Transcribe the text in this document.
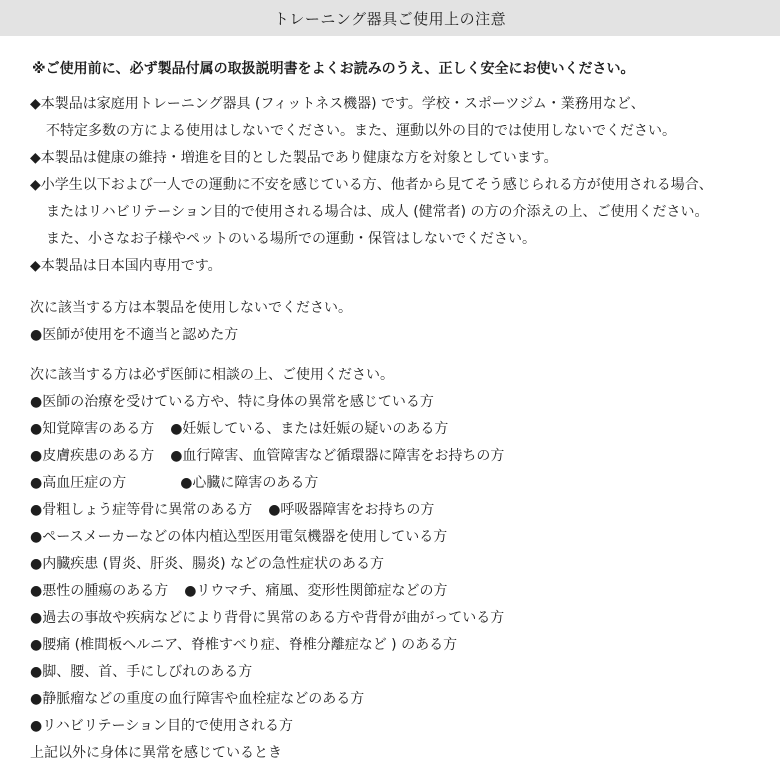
トレーニング器具ご使用上の注意
※ご使用前に、必ず製品付属の取扱説明書をよくお読みのうえ、正しく安全にお使いください。
◆本製品は家庭用トレーニング器具 (フィットネス機器) です。学校・スポーツジム・業務用など、
不特定多数の方による使用はしないでください。また、運動以外の目的では使用しないでください。
◆本製品は健康の維持・増進を目的とした製品であり健康な方を対象としています。
◆小学生以下および一人での運動に不安を感じている方、他者から見てそう感じられる方が使用される場合、
またはリハビリテーション目的で使用される場合は、成人 (健常者) の方の介添えの上、ご使用ください。
また、小さなお子様やペットのいる場所での運動・保管はしないでください。
◆本製品は日本国内専用です。
次に該当する方は本製品を使用しないでください。
●医師が使用を不適当と認めた方
次に該当する方は必ず医師に相談の上、ご使用ください。
●医師の治療を受けている方や、特に身体の異常を感じている方
●知覚障害のある方 ●妊娠している、または妊娠の疑いのある方
●皮膚疾患のある方 ●血行障害、血管障害など循環器に障害をお持ちの方
●高血圧症の方	●心臓に障害のある方
●骨粗しょう症等骨に異常のある方 ●呼吸器障害をお持ちの方
●ペースメーカーなどの体内植込型医用電気機器を使用している方
●内臓疾患 (胃炎、肝炎、腸炎) などの急性症状のある方
●悪性の腫瘍のある方 ●リウマチ、痛風、変形性関節症などの方
●過去の事故や疾病などにより背骨に異常のある方や背骨が曲がっている方
●腰痛 (椎間板ヘルニア、脊椎すべり症、脊椎分離症など ) のある方
●脚、腰、首、手にしびれのある方
●静脈瘤などの重度の血行障害や血栓症などのある方
●リハビリテーション目的で使用される方
上記以外に身体に異常を感じているとき
